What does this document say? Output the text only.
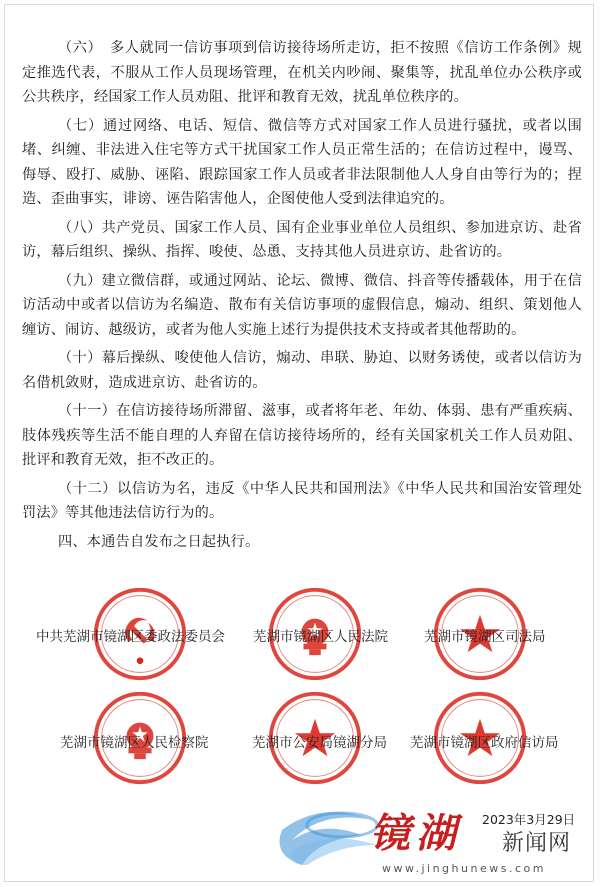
（六）　多人就同一信访事项到信访接待场所走访，拒不按照《信访工作条例》规定推选代表，不服从工作人员现场管理，在机关内吵闹、聚集等，扰乱单位办公秩序或公共秩序，经国家工作人员劝阻、批评和教育无效，扰乱单位秩序的。

（七）通过网络、电话、短信、微信等方式对国家工作人员进行骚扰，或者以围堵、纠缠、非法进入住宅等方式干扰国家工作人员正常生活的；在信访过程中，谩骂、侮辱、殴打、威胁、诬陷、跟踪国家工作人员或者非法限制他人人身自由等行为的；捏造、歪曲事实，诽谤、诬告陷害他人，企图使他人受到法律追究的。

（八）共产党员、国家工作人员、国有企业事业单位人员组织、参加进京访、赴省访，幕后组织、操纵、指挥、唆使、怂恿、支持其他人员进京访、赴省访的。

（九）建立微信群，或通过网站、论坛、微博、微信、抖音等传播载体，用于在信访活动中或者以信访为名编造、散布有关信访事项的虚假信息，煽动、组织、策划他人缠访、闹访、越级访，或者为他人实施上述行为提供技术支持或者其他帮助的。

（十）幕后操纵、唆使他人信访，煽动、串联、胁迫、以财务诱使，或者以信访为名借机敛财，造成进京访、赴省访的。

（十一）在信访接待场所滞留、滋事，或者将年老、年幼、体弱、患有严重疾病、肢体残疾等生活不能自理的人弃留在信访接待场所的，经有关国家机关工作人员劝阻、批评和教育无效，拒不改正的。

（十二）以信访为名，违反《中华人民共和国刑法》《中华人民共和国治安管理处罚法》等其他违法信访行为的。

四、本通告自发布之日起执行。

●
中共芜湖市镜湖区委政法委员会 芜湖市镜湖区人民法院	芜湖市镜湖区司法局
芜湖市镜湖区人民检察院	芜湖市公安局镜湖分局 芜湖市镜湖区政府信访局
镜湖 新闻网
www.jinghunews.com
2023年3月29日
